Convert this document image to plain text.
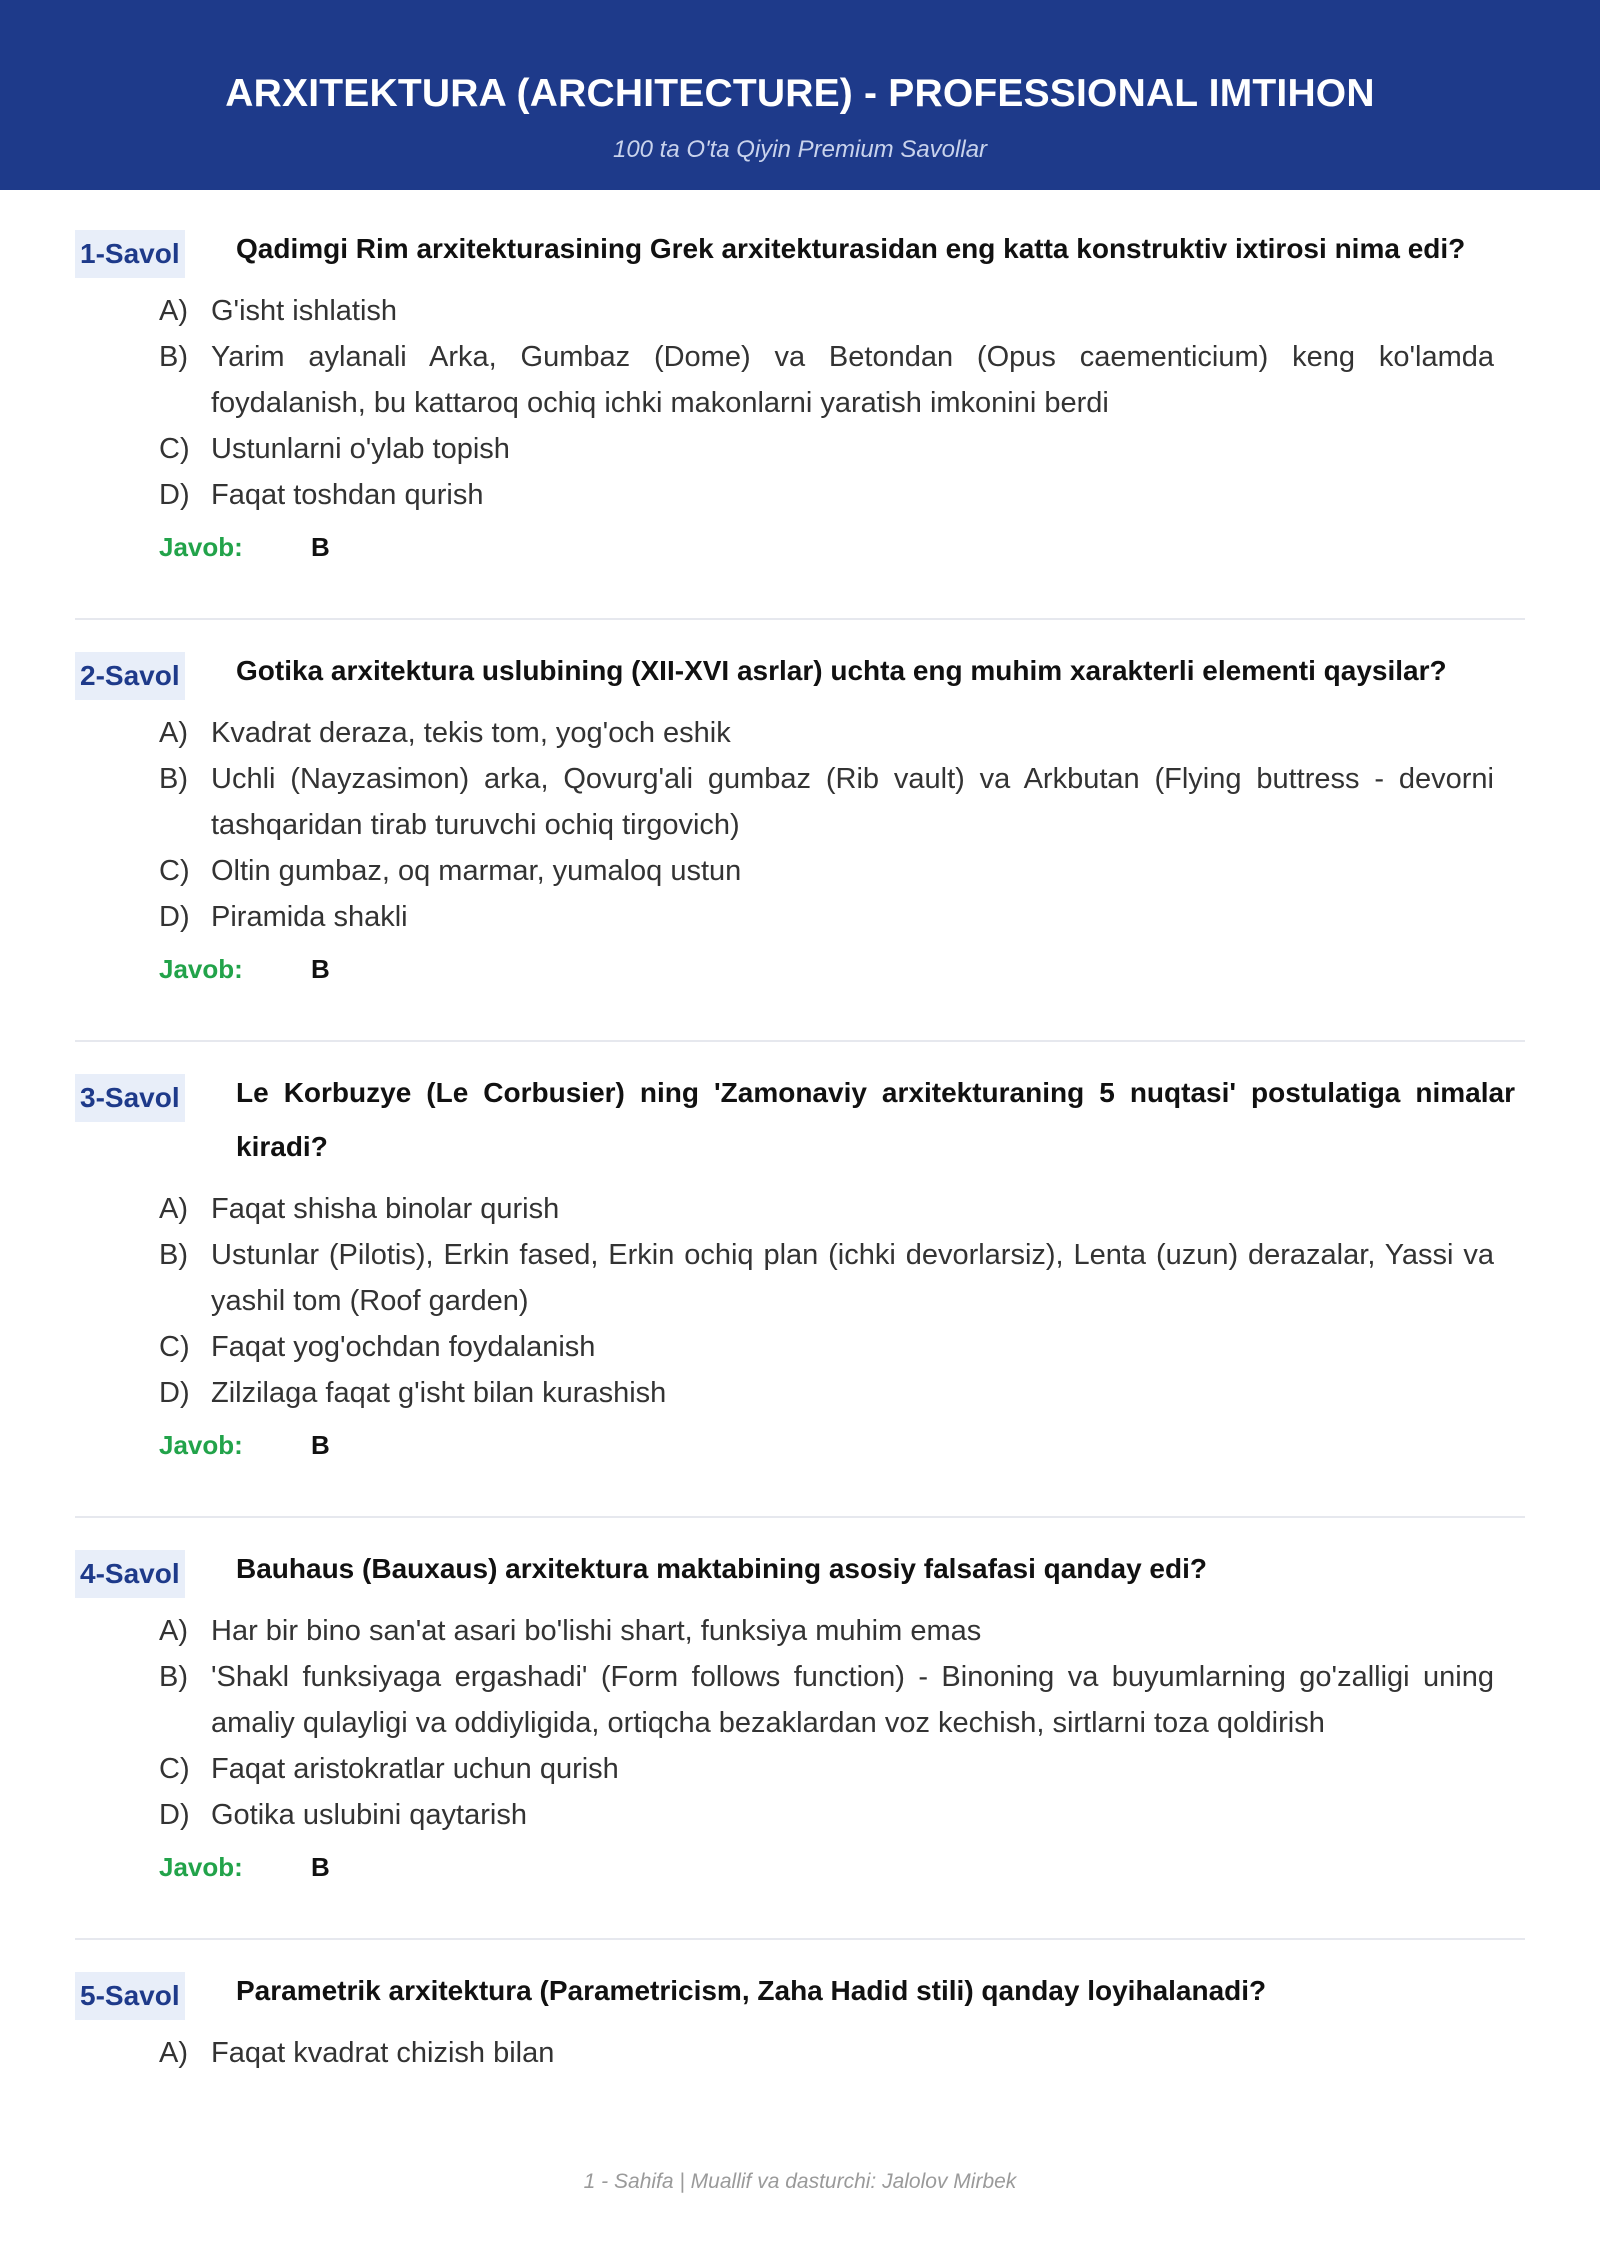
ARXITEKTURA (ARCHITECTURE) - PROFESSIONAL IMTIHON
100 ta O'ta Qiyin Premium Savollar
1-Savol Qadimgi Rim arxitekturasining Grek arxitekturasidan eng katta konstruktiv ixtirosi nima edi?
A) G'isht ishlatish
B) Yarim aylanali Arka, Gumbaz (Dome) va Betondan (Opus caementicium) keng ko'lamda foydalanish, bu kattaroq ochiq ichki makonlarni yaratish imkonini berdi
C) Ustunlarni o'ylab topish
D) Faqat toshdan qurish
Javob:	B
2-Savol Gotika arxitektura uslubining (XII-XVI asrlar) uchta eng muhim xarakterli elementi qaysilar?
A) Kvadrat deraza, tekis tom, yog'och eshik
B) Uchli (Nayzasimon) arka, Qovurg'ali gumbaz (Rib vault) va Arkbutan (Flying buttress - devorni tashqaridan tirab turuvchi ochiq tirgovich)
C) Oltin gumbaz, oq marmar, yumaloq ustun
D) Piramida shakli
Javob:	B
3-Savol Le Korbuzye (Le Corbusier) ning 'Zamonaviy arxitekturaning 5 nuqtasi' postulatiga nimalar kiradi?
A) Faqat shisha binolar qurish
B) Ustunlar (Pilotis), Erkin fased, Erkin ochiq plan (ichki devorlarsiz), Lenta (uzun) derazalar, Yassi va yashil tom (Roof garden)
C) Faqat yog'ochdan foydalanish
D) Zilzilaga faqat g'isht bilan kurashish
Javob:	B
4-Savol Bauhaus (Bauxaus) arxitektura maktabining asosiy falsafasi qanday edi?
A) Har bir bino san'at asari bo'lishi shart, funksiya muhim emas
B) 'Shakl funksiyaga ergashadi' (Form follows function) - Binoning va buyumlarning go'zalligi uning amaliy qulayligi va oddiyligida, ortiqcha bezaklardan voz kechish, sirtlarni toza qoldirish
C) Faqat aristokratlar uchun qurish
D) Gotika uslubini qaytarish
Javob:	B
5-Savol Parametrik arxitektura (Parametricism, Zaha Hadid stili) qanday loyihalanadi?
A) Faqat kvadrat chizish bilan
1 - Sahifa | Muallif va dasturchi: Jalolov Mirbek
